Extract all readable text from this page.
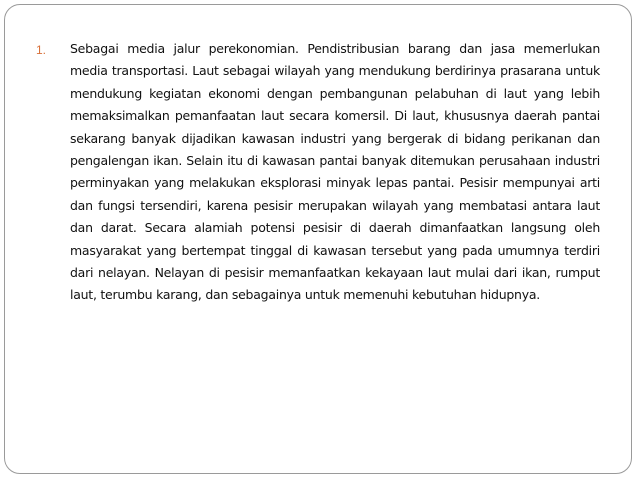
1. Sebagai media jalur perekonomian. Pendistribusian barang dan jasa memerlukan media transportasi. Laut sebagai wilayah yang mendukung berdirinya prasarana untuk mendukung kegiatan ekonomi dengan pembangunan pelabuhan di laut yang lebih memaksimalkan pemanfaatan laut secara komersil. Di laut, khususnya daerah pantai sekarang banyak dijadikan kawasan industri yang bergerak di bidang perikanan dan pengalengan ikan. Selain itu di kawasan pantai banyak ditemukan perusahaan industri perminyakan yang melakukan eksplorasi minyak lepas pantai. Pesisir mempunyai arti dan fungsi tersendiri, karena pesisir merupakan wilayah yang membatasi antara laut dan darat. Secara alamiah potensi pesisir di daerah dimanfaatkan langsung oleh masyarakat yang bertempat tinggal di kawasan tersebut yang pada umumnya terdiri dari nelayan. Nelayan di pesisir memanfaatkan kekayaan laut mulai dari ikan, rumput laut, terumbu karang, dan sebagainya untuk memenuhi kebutuhan hidupnya.
